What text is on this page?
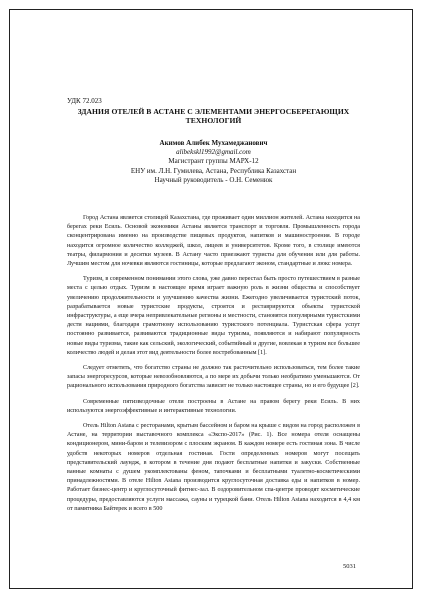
УДК 72.023
ЗДАНИЯ ОТЕЛЕЙ В АСТАНЕ С ЭЛЕМЕНТАМИ ЭНЕРГОСБЕРЕГАЮЩИХ
ТЕХНОЛОГИЙ
Акимов Алибек Мухамеджанович
alibekskl1992@gmail.com
Магистрант группы МАРХ-12
ЕНУ им. Л.Н. Гумилева, Астана, Республика Казахстан
Научный руководитель - О.Н. Семенюк

Город Астана является столицей Казахстана, где проживает один миллион жителей. Астана находится на берегах реки Есиль. Основой экономики Астаны является транспорт и торговля. Промышленность города сконцентрирована именно на производстве пищевых продуктов, напитков и машиностроения. В городе находится огромное количество колледжей, школ, лицеев и университетов. Кроме того, в столице имеются театры, филармония и десятки музеев. В Астану часто приезжают туристы для обучения или для работы. Лучшим местом для ночевки являются гостиницы, которые предлагают эконом, стандартные и люкс номера.

Туризм, в современном понимании этого слова, уже давно перестал быть просто путешествием в разные места с целью отдых. Туризм в настоящее время играет важную роль в жизни общества и способствует увеличению продолжительности и улучшению качества жизни. Ежегодно увеличивается туристский поток, разрабатывается новые туристские продукты, строятся и реставрируются объекты туристской инфраструктуры, а еще вчера непривлекательные регионы и местности, становятся популярными туристскими дести нациями, благодаря грамотному использованию туристского потенциала. Туристская сфера успут постоянно развивается, развиваются традиционные виды туризма, появляются и набирают популярность новые виды туризма, такие как сельский, экологический, событийный и другие, вовлекая в туризм все большее количество людей и делая этот вид деятельности более востребованным [1].

Следует отметить, что богатство страны не должно так расточительно использоваться, тем более такие запасы энергоресурсов, которые невозобновляются, а по мере их добычи только необратимо уменьшаются. От рационального использования природного богатства зависит не только настоящее страны, но и его будущее [2].

Современные пятизвездочные отели построены в Астане на правом берегу реки Есиль. В них используются энергоэффективные и интерактивные технологии.

Отель Hilton Astana с ресторанами, крытым бассейном и баром на крыше с видом на город расположен в Астане, на территории выставочного комплекса «Экспо-2017» (Рис. 1). Все номера отеля оснащены кондиционером, мини-баром и телевизором с плоским экраном. В каждом номере есть гостиная зона. В числе удобств некоторых номеров отдельная гостиная. Гости определенных номеров могут посещать представительский лаундж, в котором в течение дня подают бесплатные напитки и закуски. Собственные ванные комнаты с душем укомплектованы феном, тапочками и бесплатными туалетно-косметическими принадлежностями. В отеле Hilton Astana производится круглосуточная доставка еды и напитков в номер. Работает бизнес-центр и круглосуточный фитнес-зал. В оздоровительном спа-центре проводят косметические процедуры, предоставляются услуги массажа, сауны и турецкой бани. Отель Hilton Astana находится в 4,4 км от памятника Байтерек и всего в 500

5031
